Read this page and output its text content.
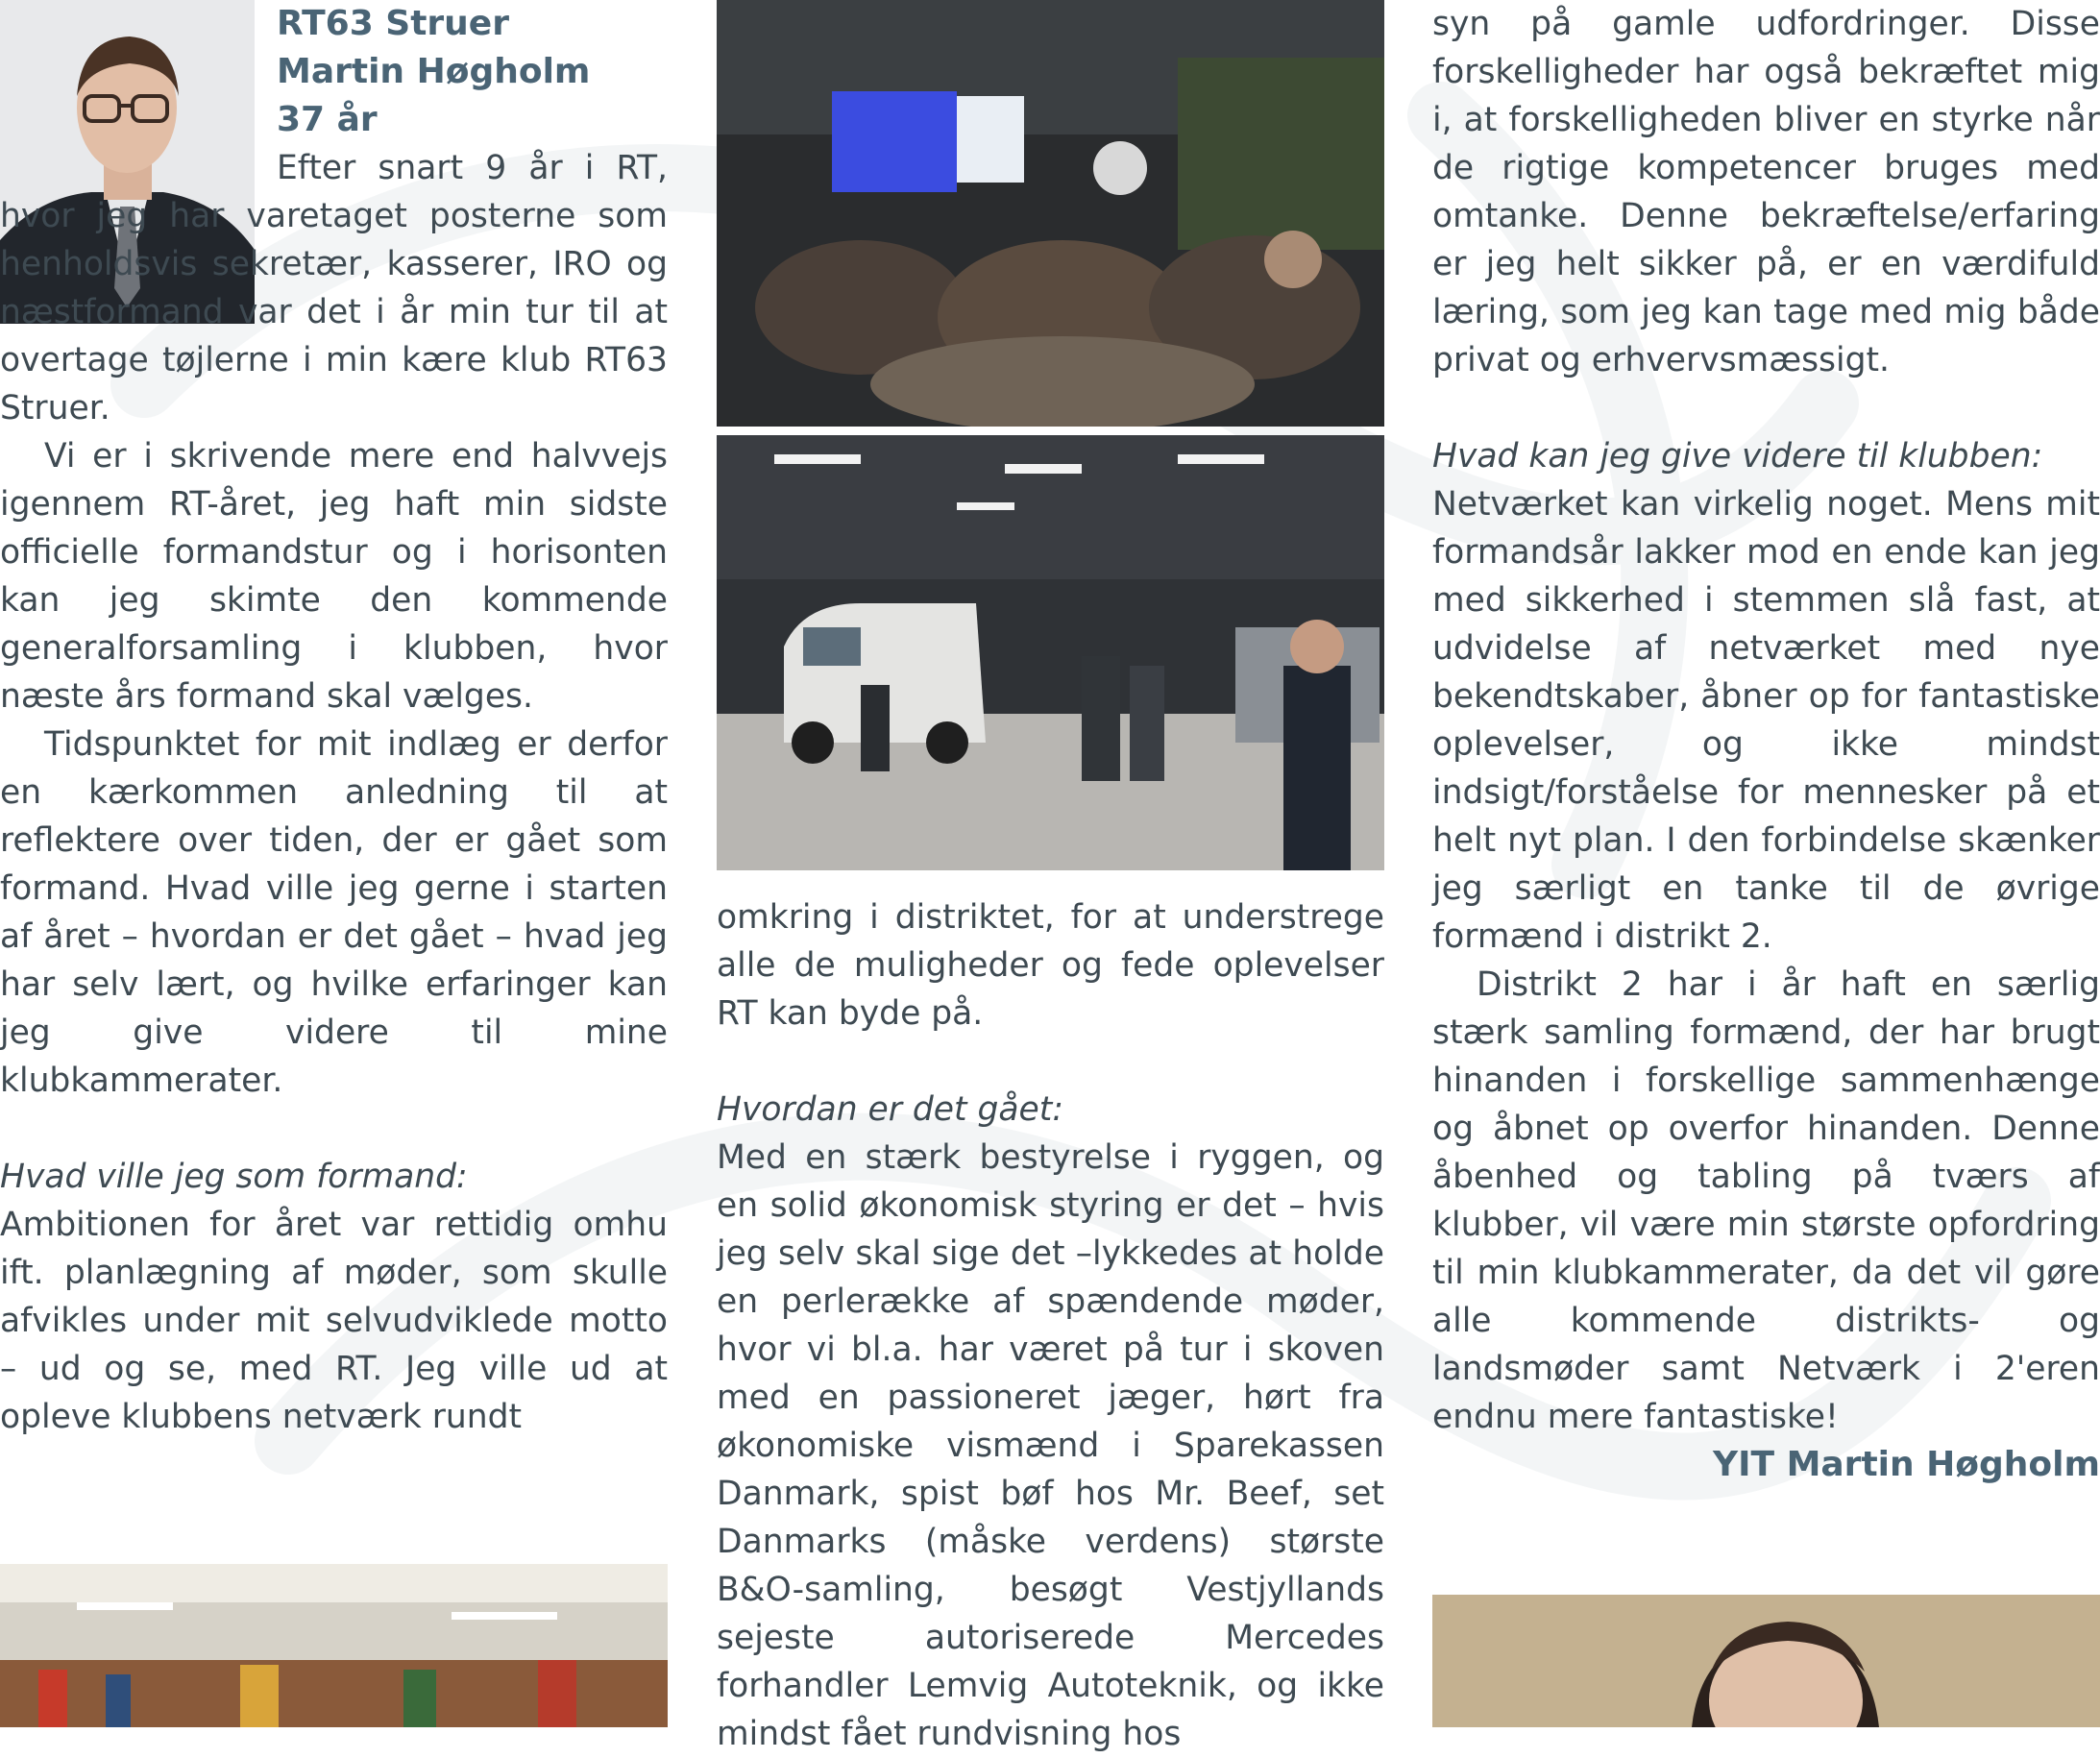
RT63 Struer
Martin Høgholm
37 år

Efter snart 9 år i RT, hvor jeg har varetaget posterne som henholdsvis sekretær, kasserer, IRO og næstformand var det i år min tur til at overtage tøjlerne i min kære klub RT63 Struer.

Vi er i skrivende mere end halvvejs igennem RT-året, jeg haft min sidste officielle formandstur og i horisonten kan jeg skimte den kommende generalforsamling i klubben, hvor næste års formand skal vælges.

Tidspunktet for mit indlæg er derfor en kærkommen anledning til at reflektere over tiden, der er gået som formand. Hvad ville jeg gerne i starten af året – hvordan er det gået – hvad jeg har selv lært, og hvilke erfaringer kan jeg give videre til mine klubkammerater.

Hvad ville jeg som formand:

Ambitionen for året var rettidig omhu ift. planlægning af møder, som skulle afvikles under mit selvudviklede motto – ud og se, med RT. Jeg ville ud at opleve klubbens netværk rundt

omkring i distriktet, for at understrege alle de muligheder og fede oplevelser RT kan byde på.

Hvordan er det gået:

Med en stærk bestyrelse i ryggen, og en solid økonomisk styring er det – hvis jeg selv skal sige det –lykkedes at holde en perlerække af spændende møder, hvor vi bl.a. har været på tur i skoven med en passioneret jæger, hørt fra økonomiske vismænd i Sparekassen Danmark, spist bøf hos Mr. Beef, set Danmarks (måske verdens) største B&O-samling, besøgt Vestjyllands sejeste autoriserede Mercedes forhandler Lemvig Autoteknik, og ikke mindst fået rundvisning hos

syn på gamle udfordringer. Disse forskelligheder har også bekræftet mig i, at forskelligheden bliver en styrke når de rigtige kompetencer bruges med omtanke. Denne bekræftelse/erfaring er jeg helt sikker på, er en værdifuld læring, som jeg kan tage med mig både privat og erhvervsmæssigt.

Hvad kan jeg give videre til klubben:

Netværket kan virkelig noget. Mens mit formandsår lakker mod en ende kan jeg med sikkerhed i stemmen slå fast, at udvidelse af netværket med nye bekendtskaber, åbner op for fantastiske oplevelser, og ikke mindst indsigt/forståelse for mennesker på et helt nyt plan. I den forbindelse skænker jeg særligt en tanke til de øvrige formænd i distrikt 2.

Distrikt 2 har i år haft en særlig stærk samling formænd, der har brugt hinanden i forskellige sammenhænge og åbnet op overfor hinanden. Denne åbenhed og tabling på tværs af klubber, vil være min største opfordring til min klubkammerater, da det vil gøre alle kommende distrikts- og landsmøder samt Netværk i 2'eren endnu mere fantastiske!

YIT Martin Høgholm
